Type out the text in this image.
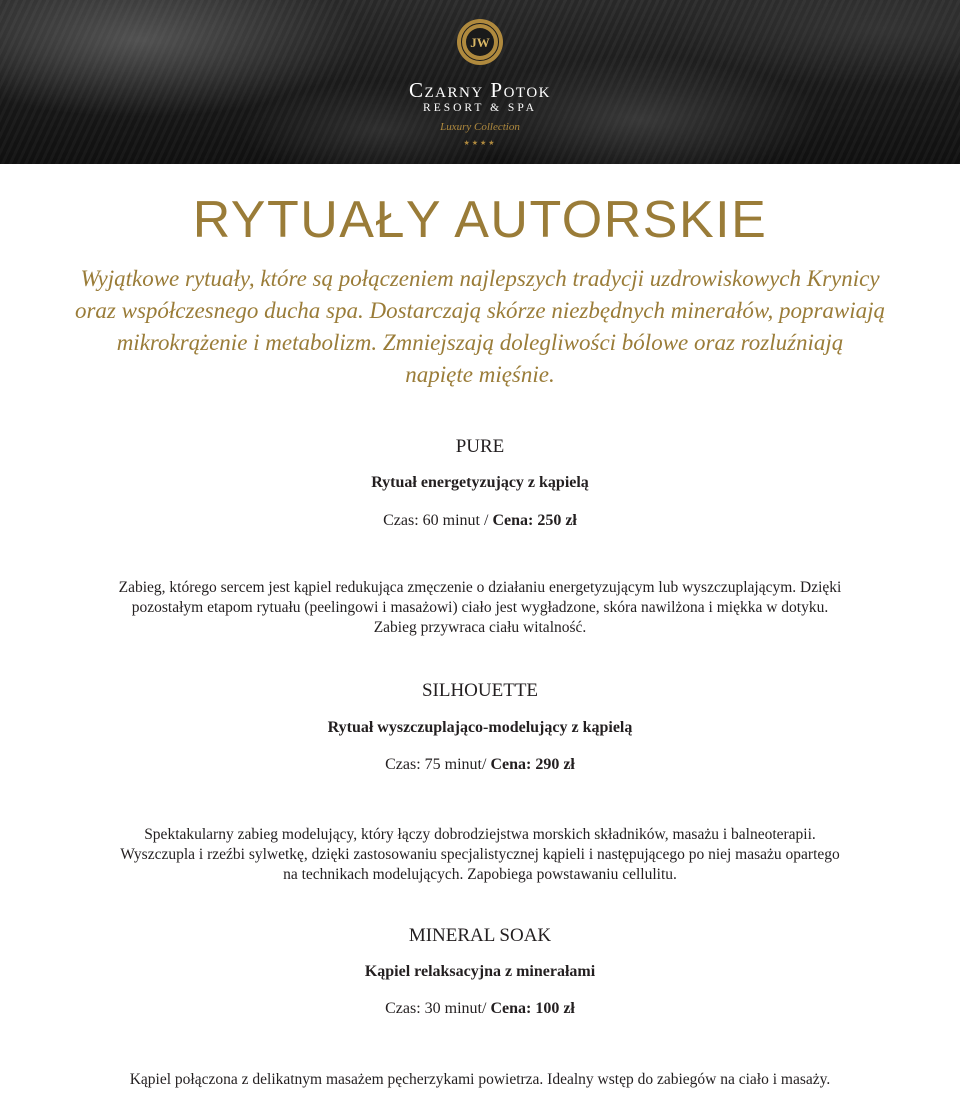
JW
Czarny Potok
RESORT & SPA
Luxury Collection
★★★★
RYTUAŁY AUTORSKIE

Wyjątkowe rytuały, które są połączeniem najlepszych tradycji uzdrowiskowych Krynicy
oraz współczesnego ducha spa. Dostarczają skórze niezbędnych minerałów, poprawiają
mikrokrążenie i metabolizm. Zmniejszają dolegliwości bólowe oraz rozluźniają
napięte mięśnie.

PURE

Rytuał energetyzujący z kąpielą

Czas: 60 minut / Cena: 250 zł

Zabieg, którego sercem jest kąpiel redukująca zmęczenie o działaniu energetyzującym lub wyszczuplającym. Dzięki

pozostałym etapom rytuału (peelingowi i masażowi) ciało jest wygładzone, skóra nawilżona i miękka w dotyku.

Zabieg przywraca ciału witalność.

SILHOUETTE

Rytuał wyszczuplająco-modelujący z kąpielą

Czas: 75 minut/ Cena: 290 zł

Spektakularny zabieg modelujący, który łączy dobrodziejstwa morskich składników, masażu i balneoterapii.

Wyszczupla i rzeźbi sylwetkę, dzięki zastosowaniu specjalistycznej kąpieli i następującego po niej masażu opartego

na technikach modelujących. Zapobiega powstawaniu cellulitu.

MINERAL SOAK

Kąpiel relaksacyjna z minerałami

Czas: 30 minut/ Cena: 100 zł

Kąpiel połączona z delikatnym masażem pęcherzykami powietrza. Idealny wstęp do zabiegów na ciało i masaży.
